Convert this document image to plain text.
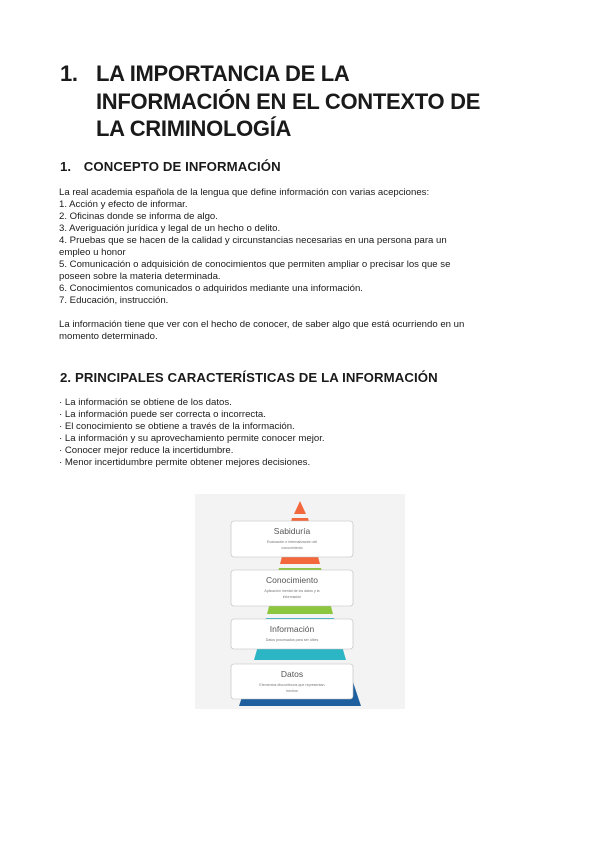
1. LA IMPORTANCIA DE LA
INFORMACIÓN EN EL CONTEXTO DE
LA CRIMINOLOGÍA
1. CONCEPTO DE INFORMACIÓN
La real academia española de la lengua que define información con varias acepciones:
1. Acción y efecto de informar.
2. Oficinas donde se informa de algo.
3. Averiguación jurídica y legal de un hecho o delito.
4. Pruebas que se hacen de la calidad y circunstancias necesarias en una persona para un
empleo u honor
5. Comunicación o adquisición de conocimientos que permiten ampliar o precisar los que se
poseen sobre la materia determinada.
6. Conocimientos comunicados o adquiridos mediante una información.
7. Educación, instrucción.
La información tiene que ver con el hecho de conocer, de saber algo que está ocurriendo en un
momento determinado.
2. PRINCIPALES CARACTERÍSTICAS DE LA INFORMACIÓN
· La información se obtiene de los datos.
· La información puede ser correcta o incorrecta.
· El conocimiento se obtiene a través de la información.
· La información y su aprovechamiento permite conocer mejor.
· Conocer mejor reduce la incertidumbre.
· Menor incertidumbre permite obtener mejores decisiones.
Sabiduría
Conocimiento
Información
Datos
Evaluación e internalización del
conocimiento
Aplicación mental de los datos y la
información
Datos procesados para ser útiles
Elementos discontinuos que representan
hechos
